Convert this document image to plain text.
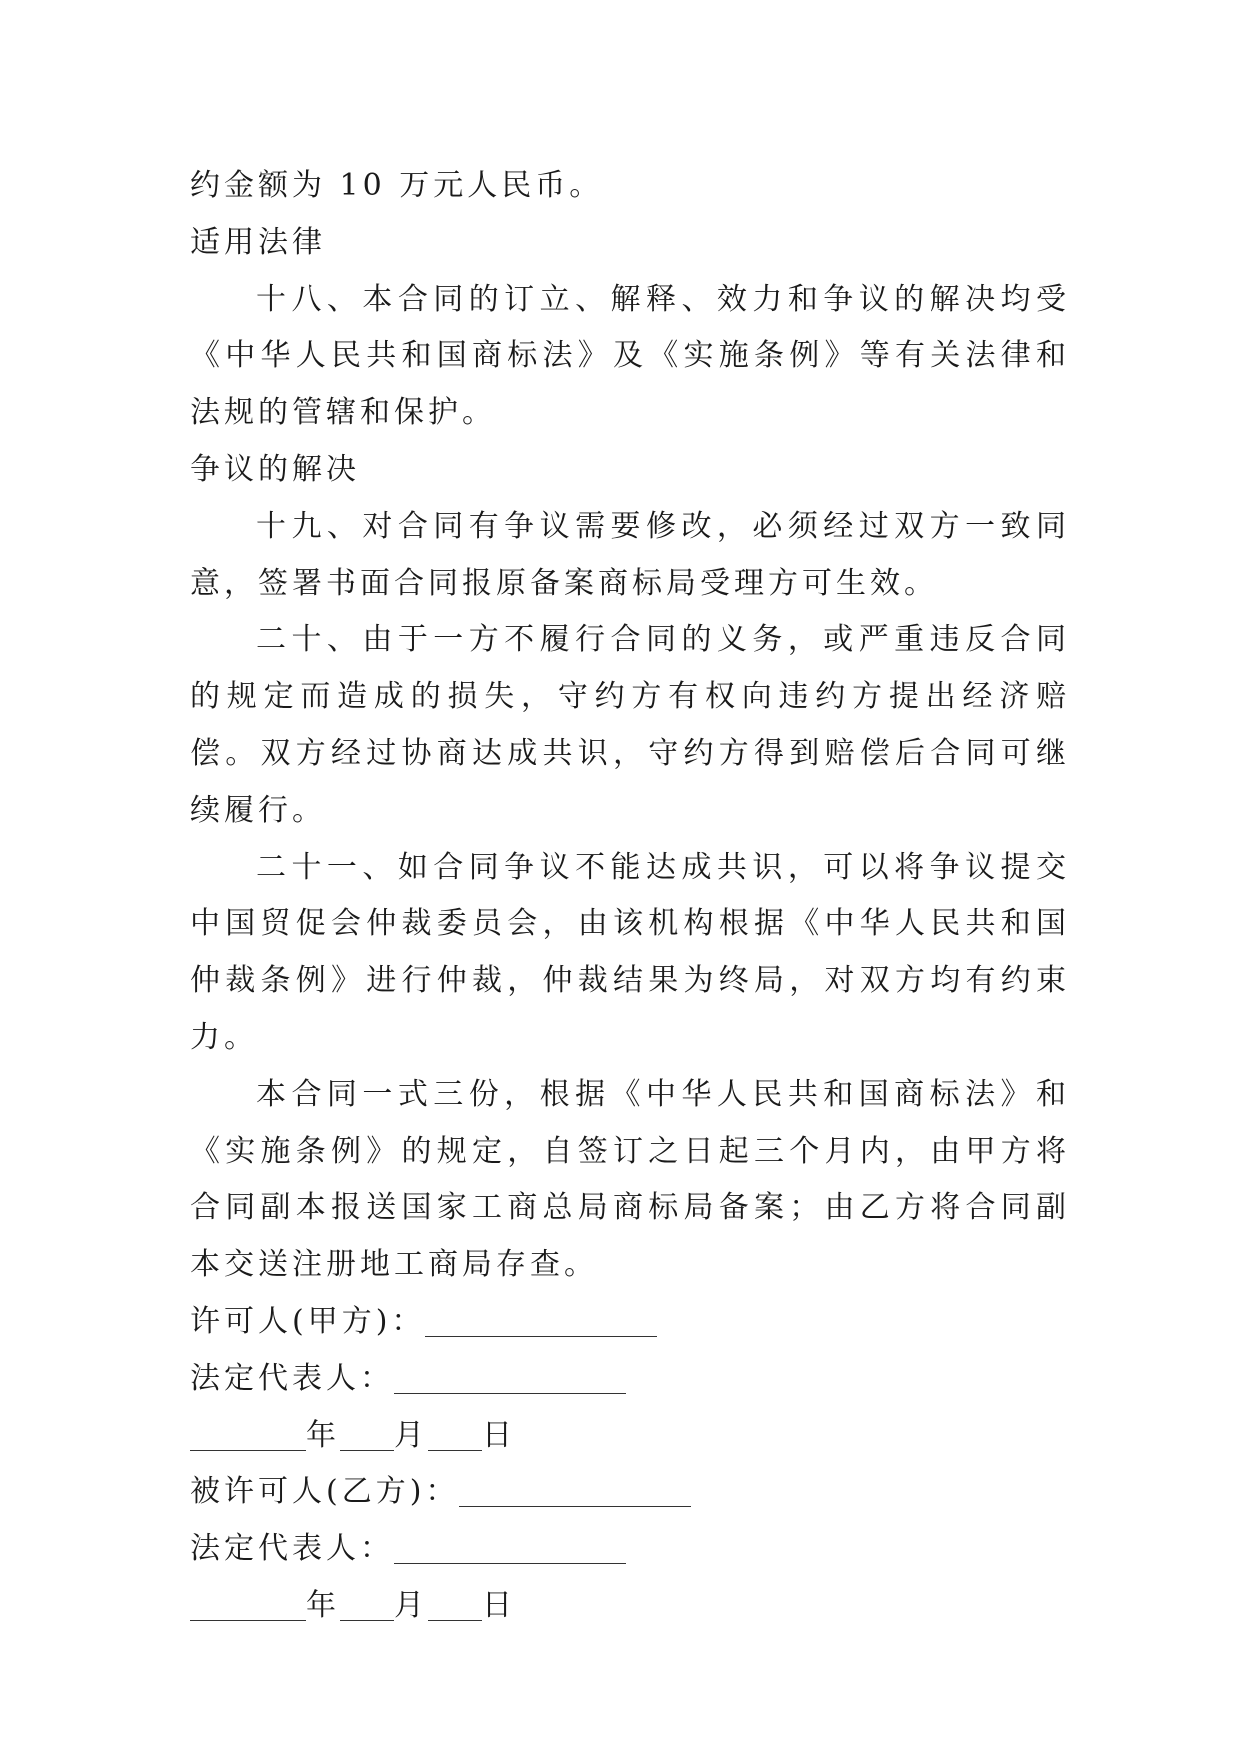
约金额为 10 万元人民币。

适用法律

十八、本合同的订立、解释、效力和争议的解决均受《中华人民共和国商标法》及《实施条例》等有关法律和法规的管辖和保护。

争议的解决

十九、对合同有争议需要修改，必须经过双方一致同意，签署书面合同报原备案商标局受理方可生效。

二十、由于一方不履行合同的义务，或严重违反合同的规定而造成的损失，守约方有权向违约方提出经济赔偿。双方经过协商达成共识，守约方得到赔偿后合同可继续履行。

二十一、如合同争议不能达成共识，可以将争议提交中国贸促会仲裁委员会，由该机构根据《中华人民共和国仲裁条例》进行仲裁，仲裁结果为终局，对双方均有约束力。

本合同一式三份，根据《中华人民共和国商标法》和《实施条例》的规定，自签订之日起三个月内，由甲方将合同副本报送国家工商总局商标局备案；由乙方将合同副本交送注册地工商局存查。

许可人(甲方)：

法定代表人：

年 月 日

被许可人(乙方)：

法定代表人：

年 月 日
